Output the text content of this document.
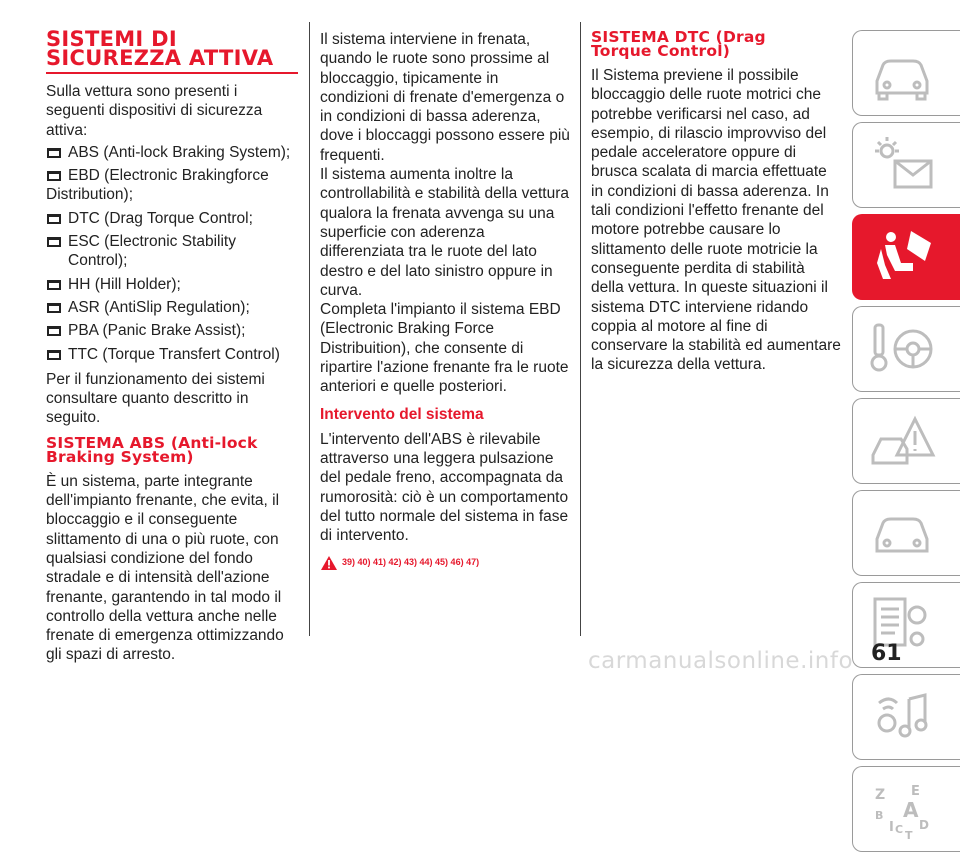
SISTEMI DI
SICUREZZA ATTIVA

Sulla vettura sono presenti i seguenti dispositivi di sicurezza attiva:

ABS (Anti-lock Braking System);
EBD (Electronic Brakingforce Distribution);
DTC (Drag Torque Control;
ESC (Electronic Stability Control);
HH (Hill Holder);
ASR (AntiSlip Regulation);
PBA (Panic Brake Assist);
TTC (Torque Transfert Control)

Per il funzionamento dei sistemi consultare quanto descritto in seguito.

SISTEMA ABS (Anti-lock
Braking System)

È un sistema, parte integrante dell'impianto frenante, che evita, il bloccaggio e il conseguente slittamento di una o più ruote, con qualsiasi condizione del fondo stradale e di intensità dell'azione frenante, garantendo in tal modo il controllo della vettura anche nelle frenate di emergenza ottimizzando gli spazi di arresto.

Il sistema interviene in frenata, quando le ruote sono prossime al bloccaggio, tipicamente in condizioni di frenate d'emergenza o in condizioni di bassa aderenza, dove i bloccaggi possono essere più frequenti.

Il sistema aumenta inoltre la controllabilità e stabilità della vettura qualora la frenata avvenga su una superficie con aderenza differenziata tra le ruote del lato destro e del lato sinistro oppure in curva.

Completa l'impianto il sistema EBD (Electronic Braking Force Distribuition), che consente di ripartire l'azione frenante fra le ruote anteriori e quelle posteriori.

Intervento del sistema

L'intervento dell'ABS è rilevabile attraverso una leggera pulsazione del pedale freno, accompagnata da rumorosità: ciò è un comportamento del tutto normale del sistema in fase di intervento.

39) 40) 41) 42) 43) 44) 45) 46) 47)
SISTEMA DTC (Drag
Torque Control)

Il Sistema previene il possibile bloccaggio delle ruote motrici che potrebbe verificarsi nel caso, ad esempio, di rilascio improvviso del pedale acceleratore oppure di brusca scalata di marcia effettuate in condizioni di bassa aderenza. In tali condizioni l'effetto frenante del motore potrebbe causare lo slittamento delle ruote motricie la conseguente perdita di stabilità della vettura. In queste situazioni il sistema DTC interviene ridando coppia al motore al fine di conservare la stabilità ed aumentare la sicurezza della vettura.

Z E
B A
I C D
T
61
carmanualsonline.info
